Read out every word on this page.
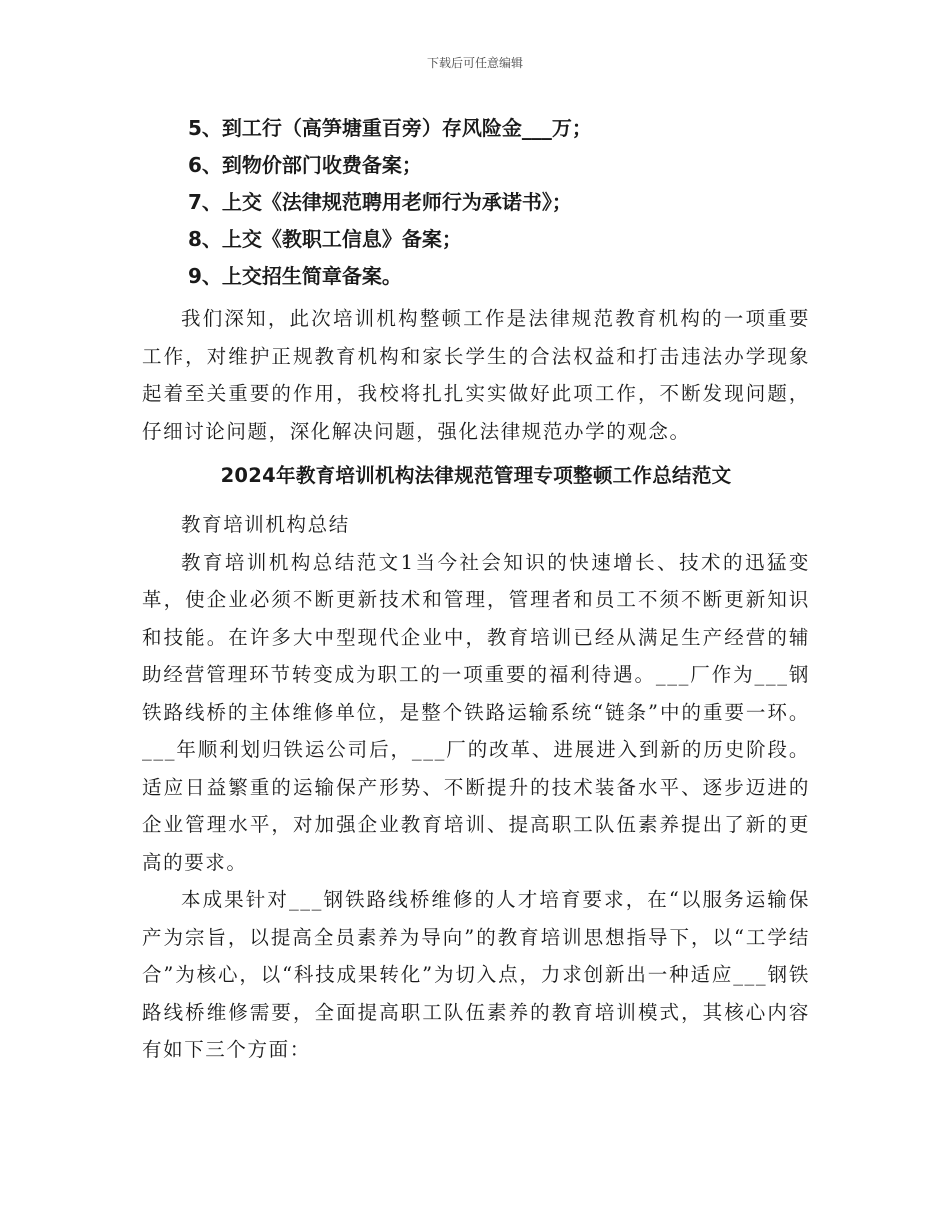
下载后可任意编辑
5、到工行（高笋塘重百旁）存风险金___万；
6、到物价部门收费备案；
7、上交《法律规范聘用老师行为承诺书》；
8、上交《教职工信息》备案；
9、上交招生简章备案。

我们深知，此次培训机构整顿工作是法律规范教育机构的一项重要工作，对维护正规教育机构和家长学生的合法权益和打击违法办学现象起着至关重要的作用，我校将扎扎实实做好此项工作，不断发现问题，仔细讨论问题，深化解决问题，强化法律规范办学的观念。

2024年教育培训机构法律规范管理专项整顿工作总结范文

教育培训机构总结

教育培训机构总结范文1当今社会知识的快速增长、技术的迅猛变革，使企业必须不断更新技术和管理，管理者和员工不须不断更新知识和技能。在许多大中型现代企业中，教育培训已经从满足生产经营的辅助经营管理环节转变成为职工的一项重要的福利待遇。___厂作为___钢铁路线桥的主体维修单位，是整个铁路运输系统“链条”中的重要一环。___年顺利划归铁运公司后，___厂的改革、进展进入到新的历史阶段。适应日益繁重的运输保产形势、不断提升的技术装备水平、逐步迈进的企业管理水平，对加强企业教育培训、提高职工队伍素养提出了新的更高的要求。

本成果针对___钢铁路线桥维修的人才培育要求，在“以服务运输保产为宗旨，以提高全员素养为导向”的教育培训思想指导下，以“工学结合”为核心，以“科技成果转化”为切入点，力求创新出一种适应___钢铁路线桥维修需要，全面提高职工队伍素养的教育培训模式，其核心内容有如下三个方面：
